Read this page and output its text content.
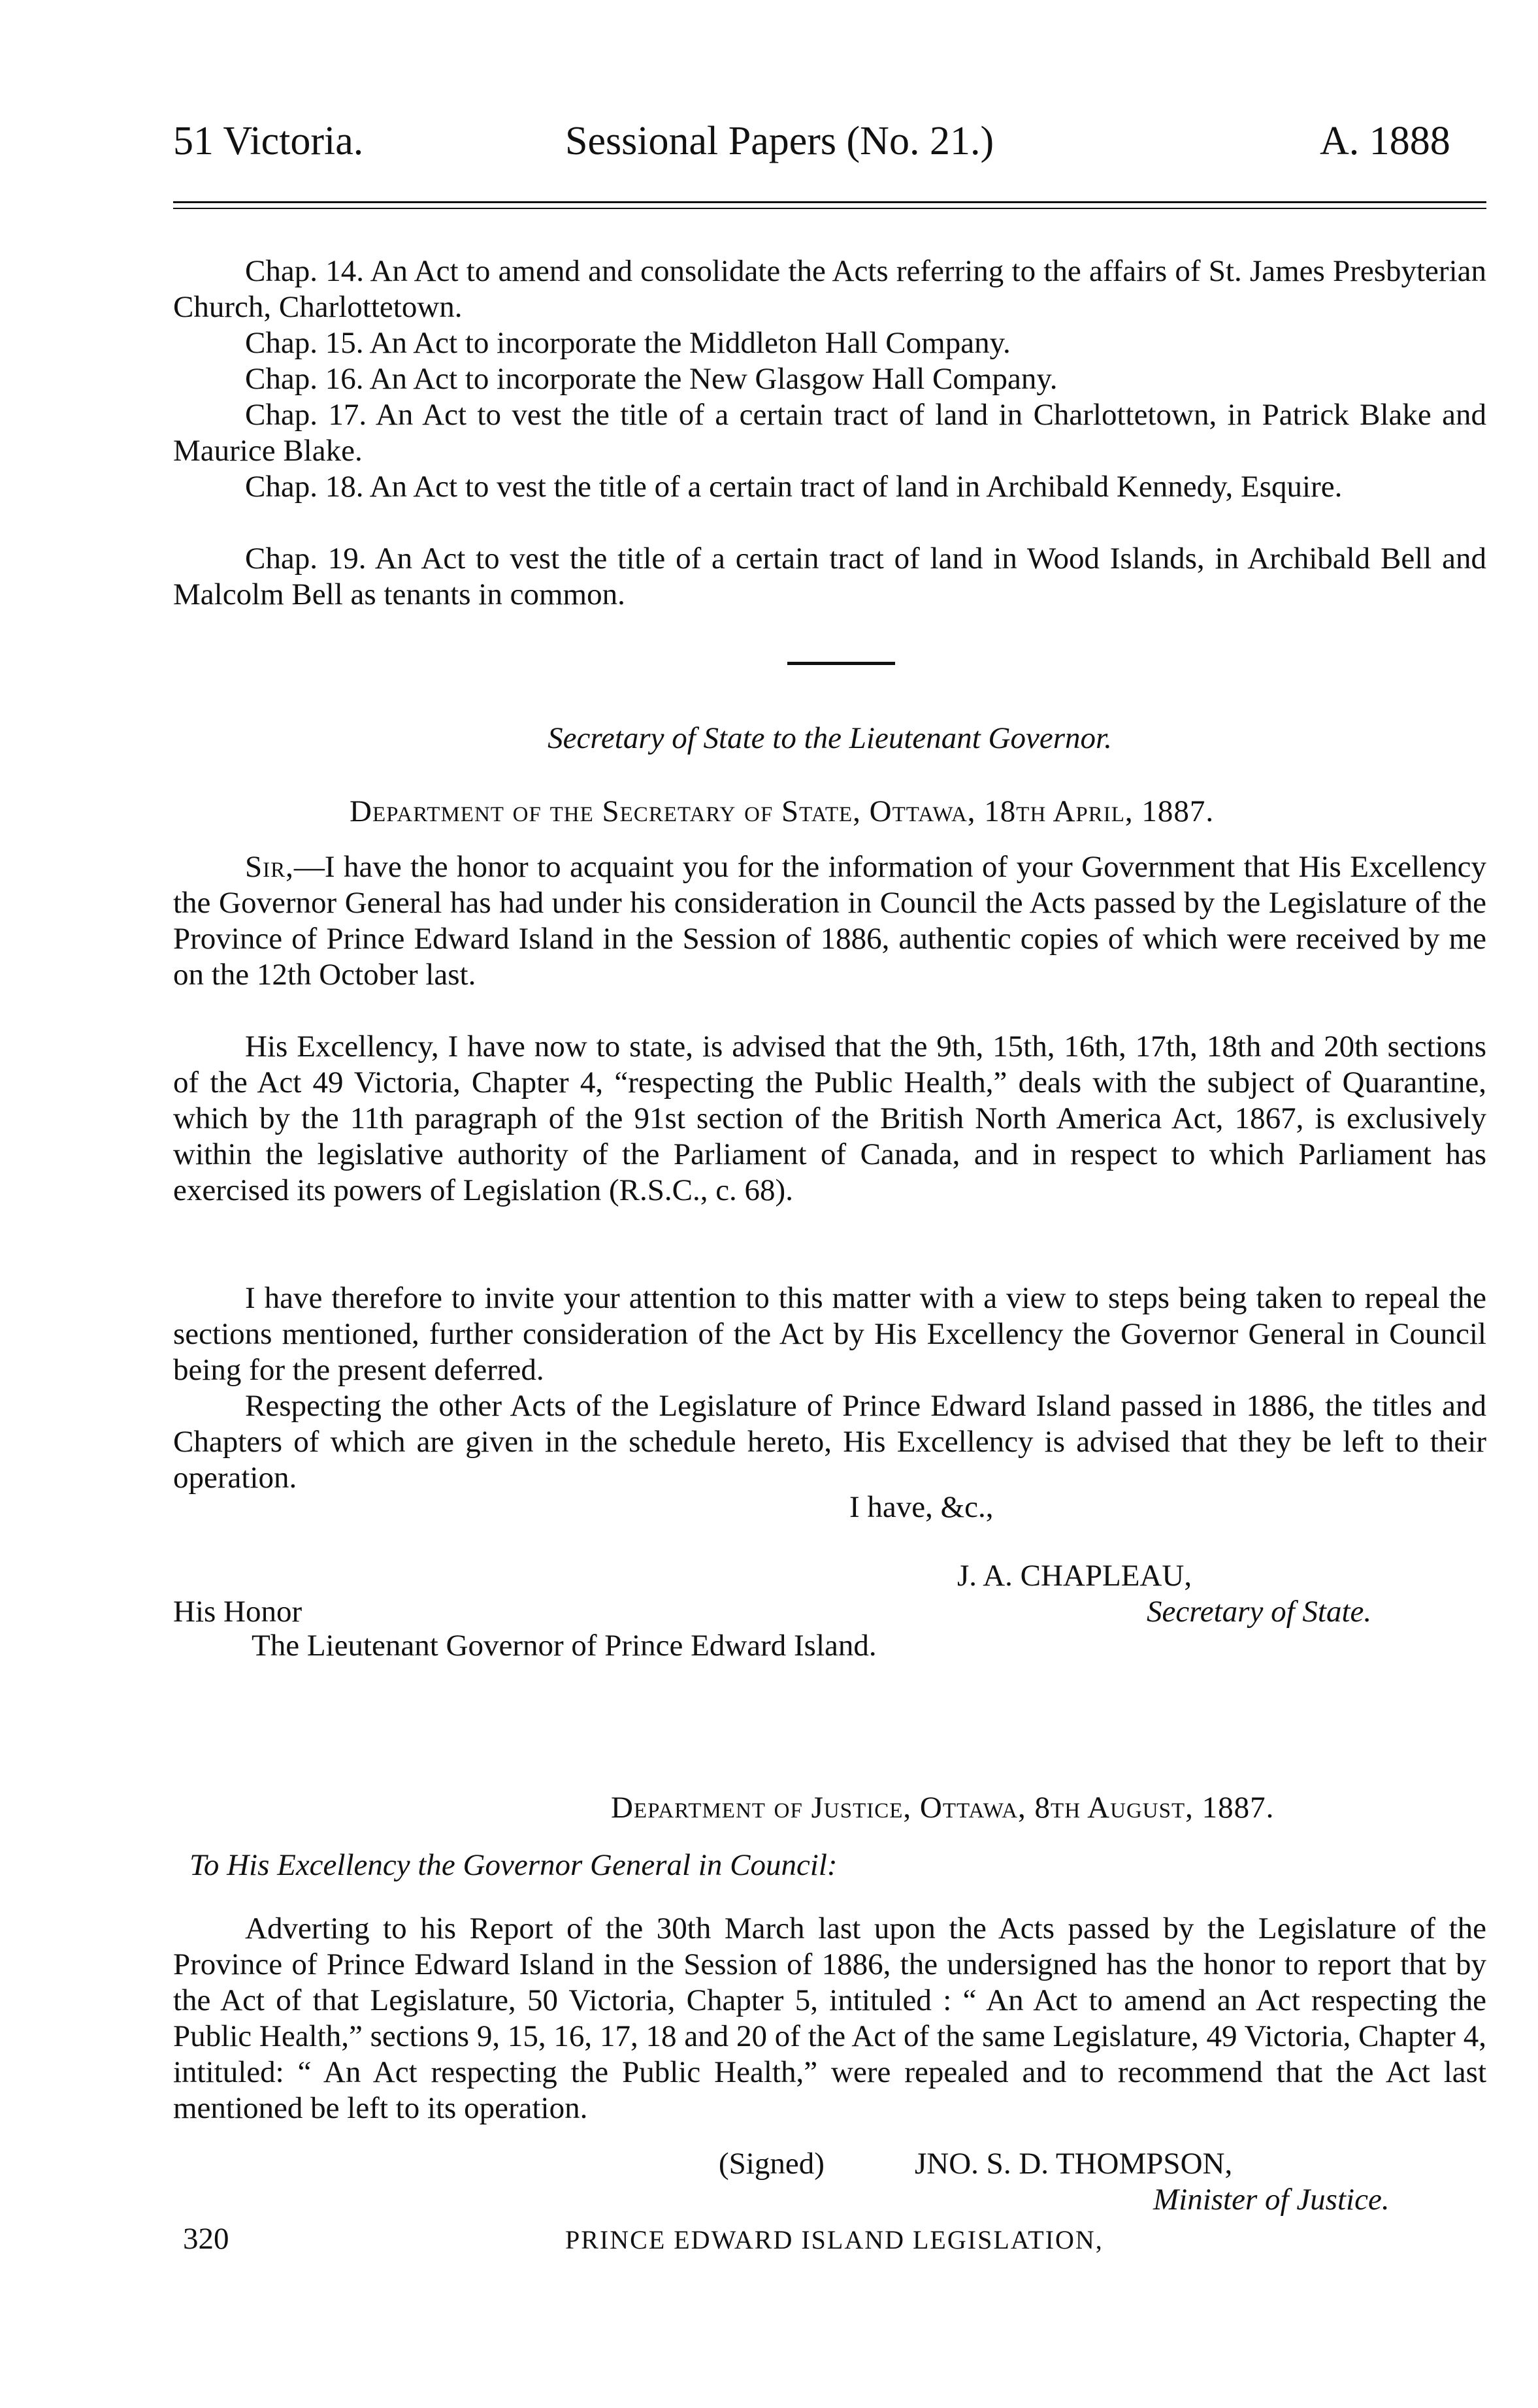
51 Victoria.	Sessional Papers (No. 21.)	A. 1888
Chap. 14. An Act to amend and consolidate the Acts referring to the affairs of St. James Presbyterian Church, Charlottetown.
Chap. 15. An Act to incorporate the Middleton Hall Company.
Chap. 16. An Act to incorporate the New Glasgow Hall Company.
Chap. 17. An Act to vest the title of a certain tract of land in Charlottetown, in Patrick Blake and Maurice Blake.
Chap. 18. An Act to vest the title of a certain tract of land in Archibald Kennedy, Esquire.
Chap. 19. An Act to vest the title of a certain tract of land in Wood Islands, in Archibald Bell and Malcolm Bell as tenants in common.
Secretary of State to the Lieutenant Governor.
Department of the Secretary of State, Ottawa, 18th April, 1887.
Sir,—I have the honor to acquaint you for the information of your Government that His Excellency the Governor General has had under his consideration in Council the Acts passed by the Legislature of the Province of Prince Edward Island in the Session of 1886, authentic copies of which were received by me on the 12th October last.
His Excellency, I have now to state, is advised that the 9th, 15th, 16th, 17th, 18th and 20th sections of the Act 49 Victoria, Chapter 4, “respecting the Public Health,” deals with the subject of Quarantine, which by the 11th paragraph of the 91st section of the British North America Act, 1867, is exclusively within the legislative authority of the Parliament of Canada, and in respect to which Parliament has exercised its powers of Legislation (R.S.C., c. 68).
I have therefore to invite your attention to this matter with a view to steps being taken to repeal the sections mentioned, further consideration of the Act by His Excellency the Governor General in Council being for the present deferred.
Respecting the other Acts of the Legislature of Prince Edward Island passed in 1886, the titles and Chapters of which are given in the schedule hereto, His Excellency is advised that they be left to their operation.
I have, &c.,
J. A. CHAPLEAU,
His Honor	Secretary of State.
The Lieutenant Governor of Prince Edward Island.
Department of Justice, Ottawa, 8th August, 1887.
To His Excellency the Governor General in Council:
Adverting to his Report of the 30th March last upon the Acts passed by the Legislature of the Province of Prince Edward Island in the Session of 1886, the undersigned has the honor to report that by the Act of that Legislature, 50 Victoria, Chapter 5, intituled : “ An Act to amend an Act respecting the Public Health,” sections 9, 15, 16, 17, 18 and 20 of the Act of the same Legislature, 49 Victoria, Chapter 4, intituled: “ An Act respecting the Public Health,” were repealed and to recommend that the Act last mentioned be left to its operation.
(Signed)	JNO. S. D. THOMPSON,
Minister of Justice.
320	PRINCE EDWARD ISLAND LEGISLATION,
